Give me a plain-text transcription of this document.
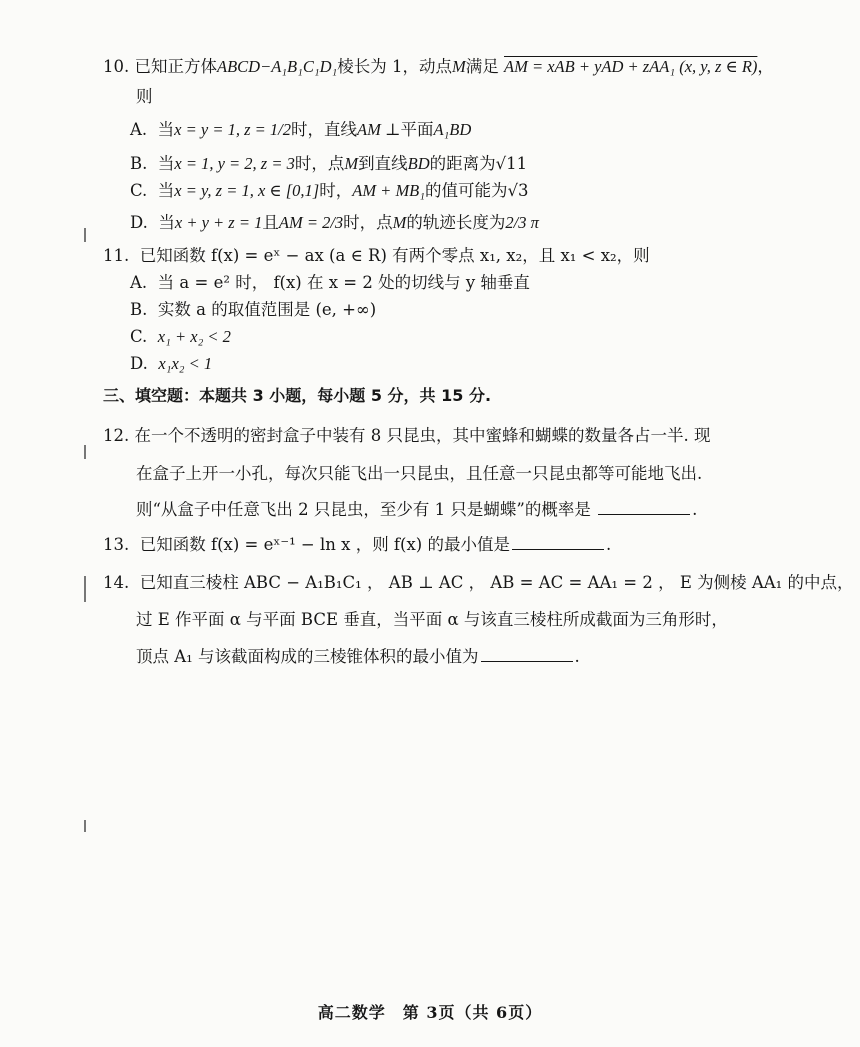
10. 已知正方体ABCD−A₁B₁C₁D₁棱长为 1，动点M满足 AM = xAB + yAD + zAA₁ (x, y, z ∈ R)，
则
A. 当x = y = 1, z = 1/2时，直线AM ⊥平面A₁BD
B. 当x = 1, y = 2, z = 3时，点M到直线BD的距离为√11
C. 当x = y, z = 1, x ∈ [0,1]时，AM + MB₁的值可能为√3
D. 当x + y + z = 1且AM = 2/3时，点M的轨迹长度为2/3 π
11. 已知函数 f(x) = eˣ − ax (a ∈ R) 有两个零点 x₁, x₂，且 x₁ < x₂，则
A. 当 a = e² 时， f(x) 在 x = 2 处的切线与 y 轴垂直
B. 实数 a 的取值范围是 (e, +∞)
C. x₁ + x₂ < 2
D. x₁x₂ < 1
三、填空题：本题共 3 小题，每小题 5 分，共 15 分.
12. 在一个不透明的密封盒子中装有 8 只昆虫，其中蜜蜂和蝴蝶的数量各占一半. 现
在盒子上开一小孔，每次只能飞出一只昆虫，且任意一只昆虫都等可能地飞出.
则“从盒子中任意飞出 2 只昆虫，至少有 1 只是蝴蝶”的概率是	.
13. 已知函数 f(x) = eˣ⁻¹ − ln x ，则 f(x) 的最小值是	.
14. 已知直三棱柱 ABC − A₁B₁C₁ ， AB ⊥ AC ， AB = AC = AA₁ = 2 ， E 为侧棱 AA₁ 的中点，
过 E 作平面 α 与平面 BCE 垂直，当平面 α 与该直三棱柱所成截面为三角形时，
顶点 A₁ 与该截面构成的三棱锥体积的最小值为	.
高二数学　第 3页（共 6页）
